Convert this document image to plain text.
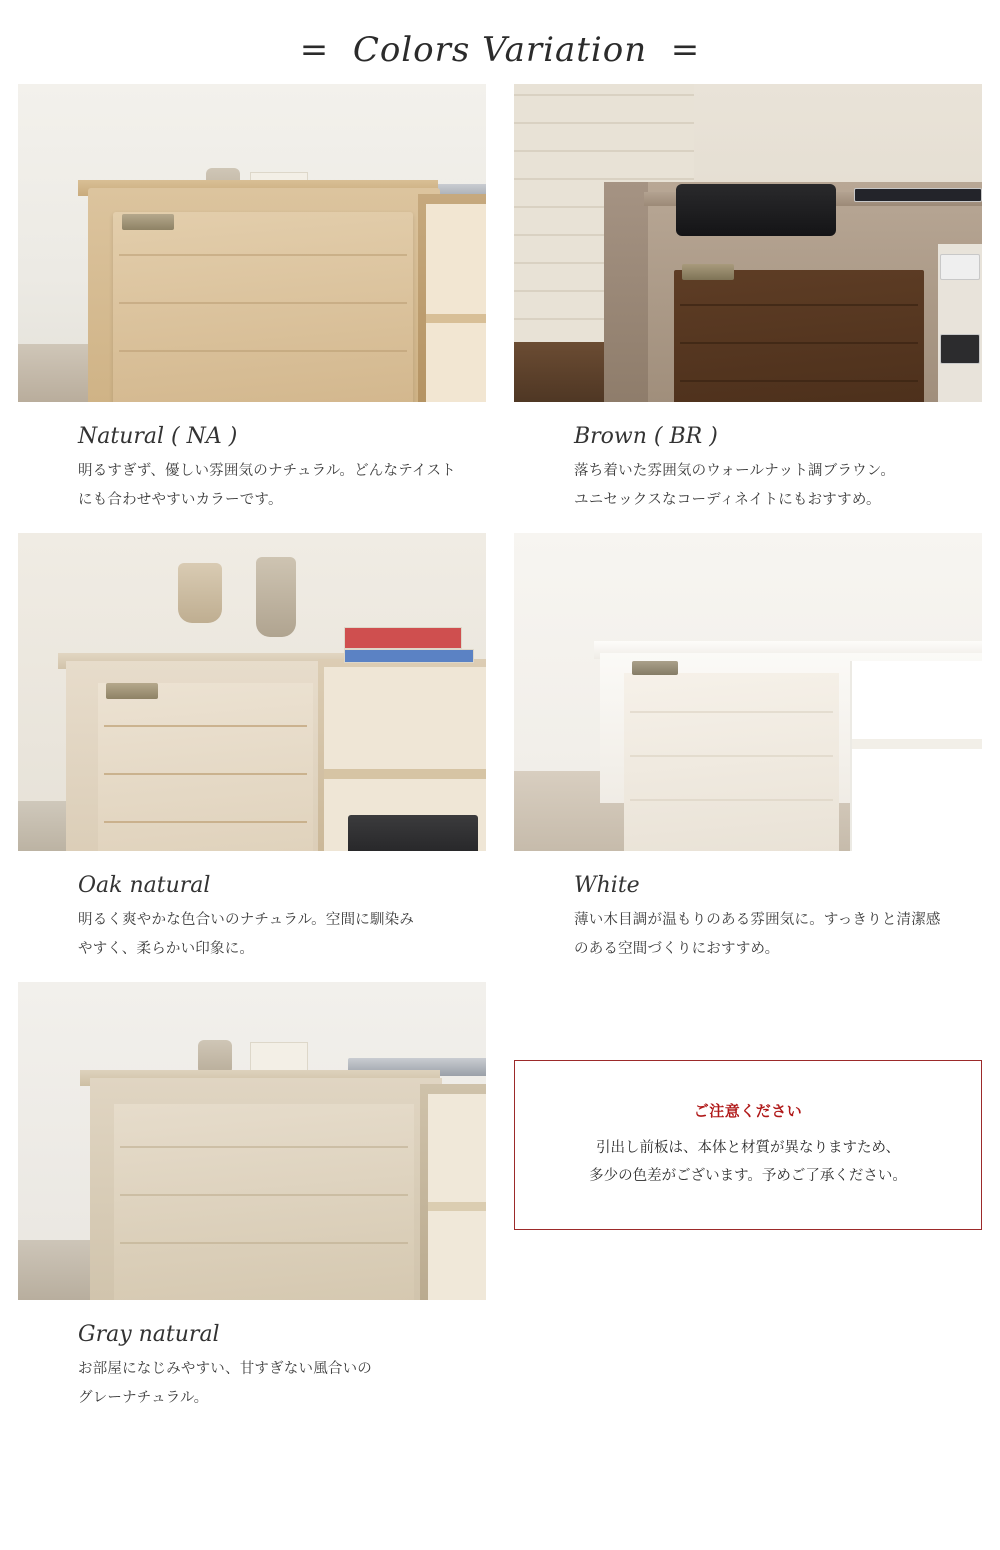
=  Colors Variation  =
Natural ( NA )
明るすぎず、優しい雰囲気のナチュラル。どんなテイスト
にも合わせやすいカラーです。
Brown ( BR )
落ち着いた雰囲気のウォールナット調ブラウン。
ユニセックスなコーディネイトにもおすすめ。
Oak natural
明るく爽やかな色合いのナチュラル。空間に馴染み
やすく、柔らかい印象に。
White
薄い木目調が温もりのある雰囲気に。すっきりと清潔感
のある空間づくりにおすすめ。
Gray natural
お部屋になじみやすい、甘すぎない風合いの
グレーナチュラル。
ご注意ください
引出し前板は、本体と材質が異なりますため、
多少の色差がございます。予めご了承ください。
